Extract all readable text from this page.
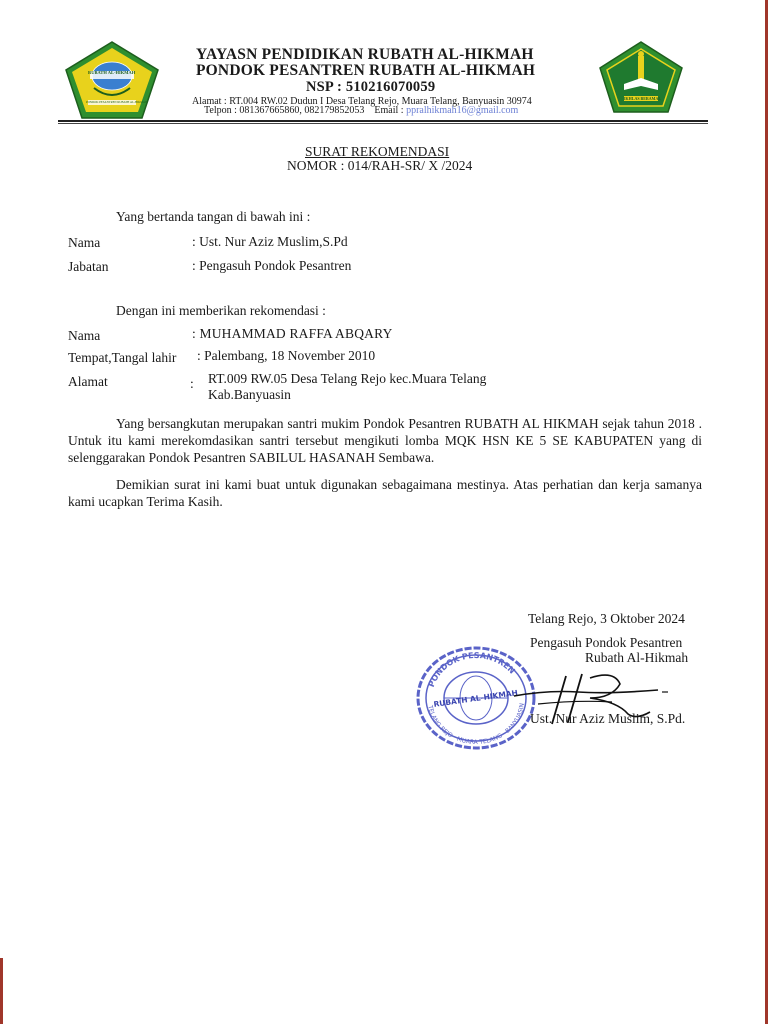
RUBATH AL-HIKMAH
PONDOK PESANTREN RUBATH AL-HIKMAH
IKHLAS BERAMAL
YAYASN PENDIDIKAN RUBATH AL-HIKMAH
PONDOK PESANTREN RUBATH AL-HIKMAH
NSP : 510216070059
Alamat : RT.004 RW.02 Dudun I Desa Telang Rejo, Muara Telang, Banyuasin 30974
Telpon : 081367665860, 082179852053 Email : ppralhikmah16@gmail.com
SURAT REKOMENDASI
NOMOR : 014/RAH-SR/ X /2024
Yang bertanda tangan di bawah ini :
Nama	: Ust. Nur Aziz Muslim,S.Pd
Jabatan	: Pengasuh Pondok Pesantren
Dengan ini memberikan rekomendasi :
Nama	: MUHAMMAD RAFFA ABQARY
Tempat,Tangal lahir : Palembang, 18 November 2010
Alamat	: RT.009 RW.05 Desa Telang Rejo kec.Muara Telang
Kab.Banyuasin
Yang bersangkutan merupakan santri mukim Pondok Pesantren RUBATH AL HIKMAH sejak tahun 2018 . Untuk itu kami merekomdasikan santri tersebut mengikuti lomba MQK HSN KE 5 SE KABUPATEN yang di selenggarakan Pondok Pesantren SABILUL HASANAH Sembawa.
Demikian surat ini kami buat untuk digunakan sebagaimana mestinya. Atas perhatian dan kerja samanya kami ucapkan Terima Kasih.
Telang Rejo, 3 Oktober 2024
Pengasuh Pondok Pesantren
Rubath Al-Hikmah
PONDOK PESANTREN
TELANG REJO · MUARA TELANG · BANYUASIN
RUBATH AL-HIKMAH
Ust. Nur Aziz Muslim, S.Pd.
